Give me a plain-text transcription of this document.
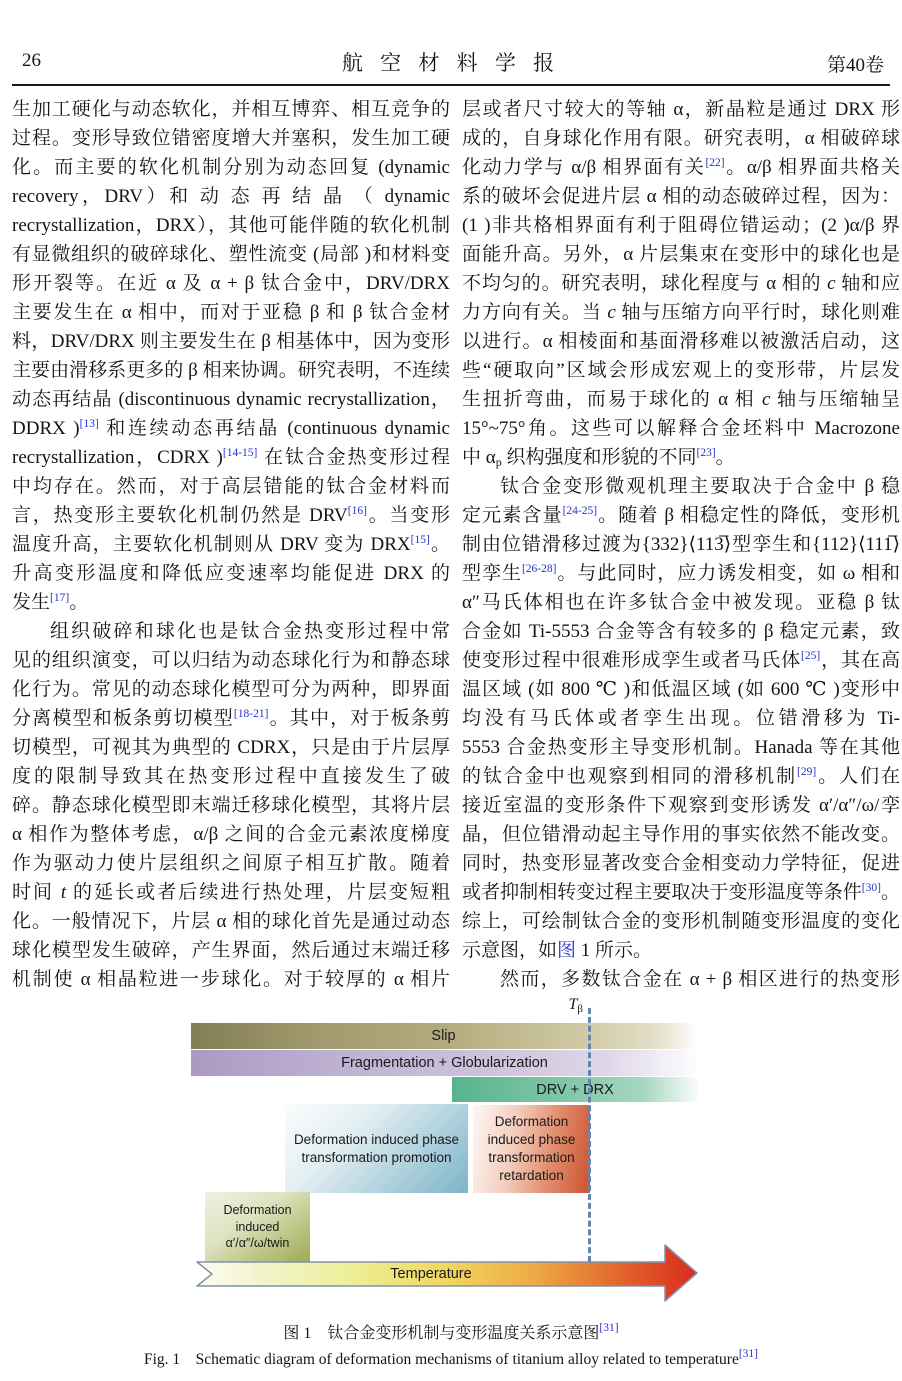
26	航 空 材 料 学 报	第40卷
生加工硬化与动态软化，并相互博弈、相互竞争的
过程。变形导致位错密度增大并塞积，发生加工硬
化。而主要的软化机制分别为动态回复 (dynamic
recovery，DRV）和 动 态 再 结 晶 （ dynamic
recrystallization，DRX），其他可能伴随的软化机制
有显微组织的破碎球化、塑性流变 (局部 )和材料变
形开裂等。在近 α 及 α + β 钛合金中，DRV/DRX
主要发生在 α 相中，而对于亚稳 β 和 β 钛合金材
料，DRV/DRX 则主要发生在 β 相基体中，因为变形
主要由滑移系更多的 β 相来协调。研究表明，不连续
动态再结晶 (discontinuous dynamic recrystallization，
DDRX )[13] 和连续动态再结晶 (continuous dynamic
recrystallization，CDRX )[14-15] 在钛合金热变形过程
中均存在。然而，对于高层错能的钛合金材料而
言，热变形主要软化机制仍然是 DRV[16]。当变形
温度升高，主要软化机制则从 DRV 变为 DRX[15]。
升高变形温度和降低应变速率均能促进 DRX 的
发生[17]。
组织破碎和球化也是钛合金热变形过程中常
见的组织演变，可以归结为动态球化行为和静态球
化行为。常见的动态球化模型可分为两种，即界面
分离模型和板条剪切模型[18-21]。其中，对于板条剪
切模型，可视其为典型的 CDRX，只是由于片层厚
度的限制导致其在热变形过程中直接发生了破
碎。静态球化模型即末端迁移球化模型，其将片层
α 相作为整体考虑，α/β 之间的合金元素浓度梯度
作为驱动力使片层组织之间原子相互扩散。随着
时间 t 的延长或者后续进行热处理，片层变短粗
化。一般情况下，片层 α 相的球化首先是通过动态
球化模型发生破碎，产生界面，然后通过末端迁移
机制使 α 相晶粒进一步球化。对于较厚的 α 相片
层或者尺寸较大的等轴 α，新晶粒是通过 DRX 形
成的，自身球化作用有限。研究表明，α 相破碎球
化动力学与 α/β 相界面有关[22]。α/β 相界面共格关
系的破坏会促进片层 α 相的动态破碎过程，因为：
(1 )非共格相界面有利于阻碍位错运动；(2 )α/β 界
面能升高。另外，α 片层集束在变形中的球化也是
不均匀的。研究表明，球化程度与 α 相的 c 轴和应
力方向有关。当 c 轴与压缩方向平行时，球化则难
以进行。α 相棱面和基面滑移难以被激活启动，这
些“硬取向”区域会形成宏观上的变形带，片层发
生扭折弯曲，而易于球化的 α 相 c 轴与压缩轴呈
15°~75°角。这些可以解释合金坯料中 Macrozone
中 $\alpha_p$ 织构强度和形貌的不同[23]。
钛合金变形微观机理主要取决于合金中 β 稳
定元素含量[24-25]。随着 β 相稳定性的降低，变形机
制由位错滑移过渡为{332}⟨113̅⟩型孪生和{112}⟨111̅⟩
型孪生[26-28]。与此同时，应力诱发相变，如 ω 相和
α″马氏体相也在许多钛合金中被发现。亚稳 β 钛
合金如 Ti-5553 合金等含有较多的 β 稳定元素，致
使变形过程中很难形成孪生或者马氏体[25]，其在高
温区域 (如 800 ℃ )和低温区域 (如 600 ℃ )变形中
均没有马氏体或者孪生出现。位错滑移为 Ti-
5553 合金热变形主导变形机制。Hanada 等在其他
的钛合金中也观察到相同的滑移机制[29]。人们在
接近室温的变形条件下观察到变形诱发 α′/α″/ω/孪
晶，但位错滑动起主导作用的事实依然不能改变。
同时，热变形显著改变合金相变动力学特征，促进
或者抑制相转变过程主要取决于变形温度等条件[30]。
综上，可绘制钛合金的变形机制随变形温度的变化
示意图，如图 1 所示。
然而，多数钛合金在 α + β 相区进行的热变形
$T_\beta$
Slip
Fragmentation + Globularization
DRV + DRX
Deformation induced phase
transformation promotion
Deformation
induced phase
transformation
retardation
Deformation
induced
α′/α″/ω/twin
Temperature
图 1　钛合金变形机制与变形温度关系示意图[31]
Fig. 1　Schematic diagram of deformation mechanisms of titanium alloy related to temperature[31]
